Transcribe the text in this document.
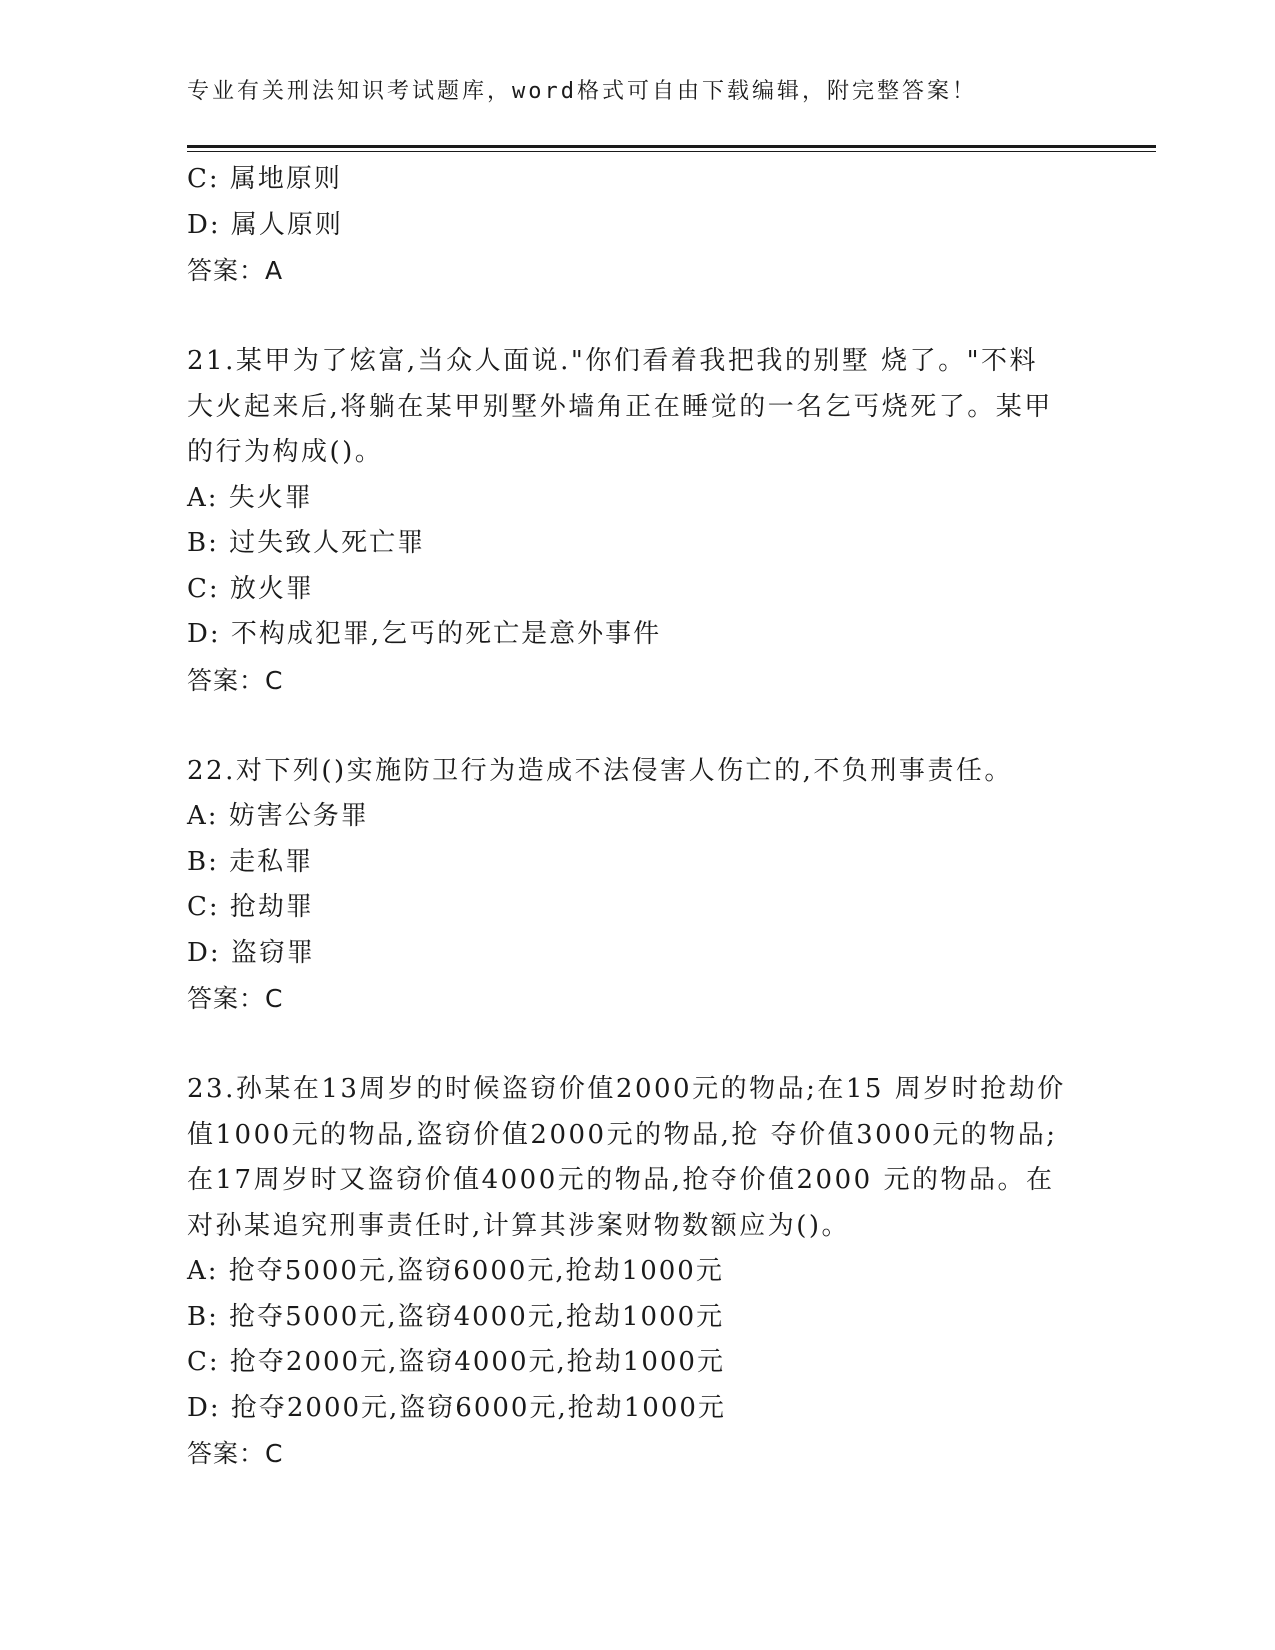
专业有关刑法知识考试题库，word格式可自由下载编辑，附完整答案！
C: 属地原则
D: 属人原则
答案：A
21.某甲为了炫富,当众人面说."你们看着我把我的别墅 烧了。"不料
大火起来后,将躺在某甲别墅外墙角正在睡觉的一名乞丐烧死了。某甲
的行为构成()。
A: 失火罪
B: 过失致人死亡罪
C: 放火罪
D: 不构成犯罪,乞丐的死亡是意外事件
答案：C
22.对下列()实施防卫行为造成不法侵害人伤亡的,不负刑事责任。
A: 妨害公务罪
B: 走私罪
C: 抢劫罪
D: 盗窃罪
答案：C
23.孙某在13周岁的时候盗窃价值2000元的物品;在15 周岁时抢劫价
值1000元的物品,盗窃价值2000元的物品,抢 夺价值3000元的物品;
在17周岁时又盗窃价值4000元的物品,抢夺价值2000 元的物品。在
对孙某追究刑事责任时,计算其涉案财物数额应为()。
A: 抢夺5000元,盗窃6000元,抢劫1000元
B: 抢夺5000元,盗窃4000元,抢劫1000元
C: 抢夺2000元,盗窃4000元,抢劫1000元
D: 抢夺2000元,盗窃6000元,抢劫1000元
答案：C
